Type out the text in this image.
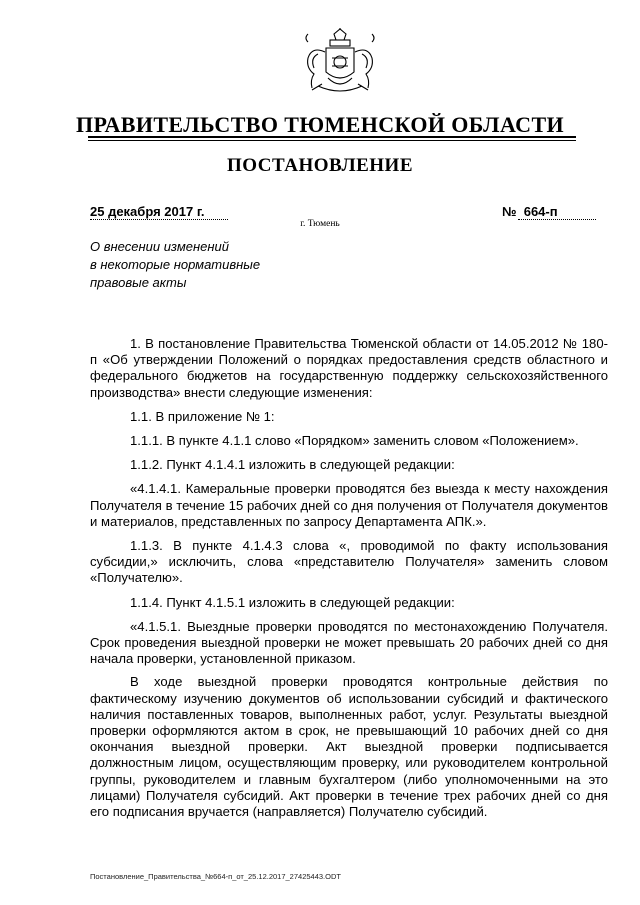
ПРАВИТЕЛЬСТВО ТЮМЕНСКОЙ ОБЛАСТИ
ПОСТАНОВЛЕНИЕ
25 декабря 2017 г.	№  664-п
г. Тюмень
О внесении изменений
в некоторые нормативные
правовые акты

1. В постановление Правительства Тюменской области от 14.05.2012 № 180-п «Об утверждении Положений о порядках предоставления средств областного и федерального бюджетов на государственную поддержку сельскохозяйственного производства» внести следующие изменения:

1.1. В приложение № 1:

1.1.1. В пункте 4.1.1 слово «Порядком» заменить словом «Положением».

1.1.2. Пункт 4.1.4.1 изложить в следующей редакции:

«4.1.4.1. Камеральные проверки проводятся без выезда к месту нахождения Получателя в течение 15 рабочих дней со дня получения от Получателя документов и материалов, представленных по запросу Департамента АПК.».

1.1.3. В пункте 4.1.4.3 слова «, проводимой по факту использования субсидии,» исключить, слова «представителю Получателя» заменить словом «Получателю».

1.1.4. Пункт 4.1.5.1 изложить в следующей редакции:

«4.1.5.1. Выездные проверки проводятся по местонахождению Получателя. Срок проведения выездной проверки не может превышать 20 рабочих дней со дня начала проверки, установленной приказом.

В ходе выездной проверки проводятся контрольные действия по фактическому изучению документов об использовании субсидий и фактического наличия поставленных товаров, выполненных работ, услуг. Результаты выездной проверки оформляются актом в срок, не превышающий 10 рабочих дней со дня окончания выездной проверки. Акт выездной проверки подписывается должностным лицом, осуществляющим проверку, или руководителем контрольной группы, руководителем и главным бухгалтером (либо уполномоченными на это лицами) Получателя субсидий. Акт проверки в течение трех рабочих дней со дня его подписания вручается (направляется) Получателю субсидий.

Постановление_Правительства_№664-п_от_25.12.2017_27425443.ODT
